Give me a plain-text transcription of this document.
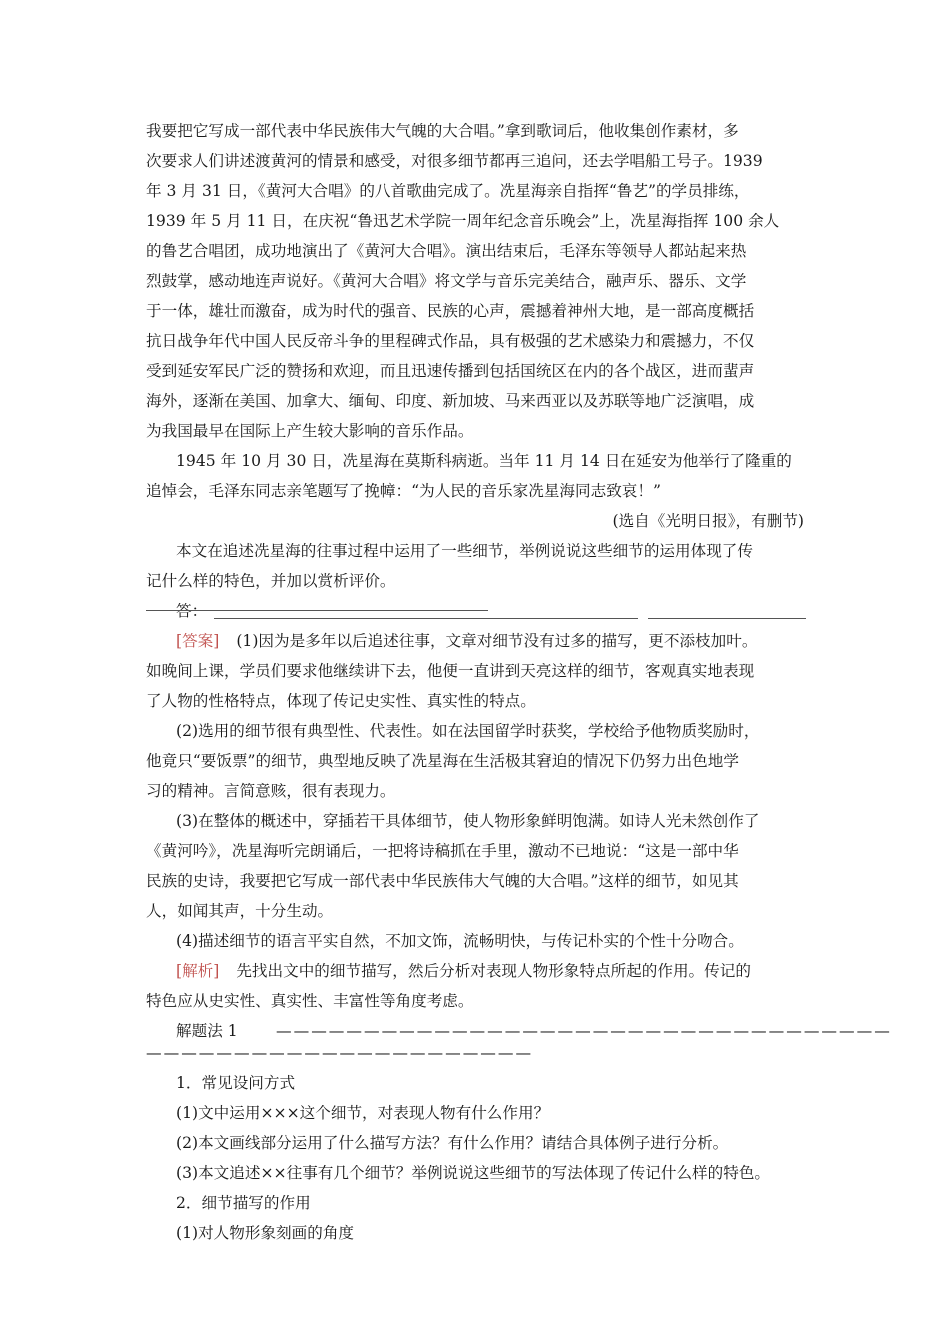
我要把它写成一部代表中华民族伟大气魄的大合唱。”拿到歌词后，他收集创作素材，多
次要求人们讲述渡黄河的情景和感受，对很多细节都再三追问，还去学唱船工号子。1939
年 3 月 31 日，《黄河大合唱》的八首歌曲完成了。冼星海亲自指挥“鲁艺”的学员排练，
1939 年 5 月 11 日，在庆祝“鲁迅艺术学院一周年纪念音乐晚会”上，冼星海指挥 100 余人
的鲁艺合唱团，成功地演出了《黄河大合唱》。演出结束后，毛泽东等领导人都站起来热
烈鼓掌，感动地连声说好。《黄河大合唱》将文学与音乐完美结合，融声乐、器乐、文学
于一体，雄壮而激奋，成为时代的强音、民族的心声，震撼着神州大地，是一部高度概括
抗日战争年代中国人民反帝斗争的里程碑式作品，具有极强的艺术感染力和震撼力，不仅
受到延安军民广泛的赞扬和欢迎，而且迅速传播到包括国统区在内的各个战区，进而蜚声
海外，逐渐在美国、加拿大、缅甸、印度、新加坡、马来西亚以及苏联等地广泛演唱，成
为我国最早在国际上产生较大影响的音乐作品。
1945 年 10 月 30 日，冼星海在莫斯科病逝。当年 11 月 14 日在延安为他举行了隆重的
追悼会，毛泽东同志亲笔题写了挽幛：“为人民的音乐家冼星海同志致哀！”
(选自《光明日报》，有删节)
本文在追述冼星海的往事过程中运用了一些细节，举例说说这些细节的运用体现了传
记什么样的特色，并加以赏析评价。
答：
[答案] (1)因为是多年以后追述往事，文章对细节没有过多的描写，更不添枝加叶。
如晚间上课，学员们要求他继续讲下去，他便一直讲到天亮这样的细节，客观真实地表现
了人物的性格特点，体现了传记史实性、真实性的特点。
(2)选用的细节很有典型性、代表性。如在法国留学时获奖，学校给予他物质奖励时，
他竟只“要饭票”的细节，典型地反映了冼星海在生活极其窘迫的情况下仍努力出色地学
习的精神。言简意赅，很有表现力。
(3)在整体的概述中，穿插若干具体细节，使人物形象鲜明饱满。如诗人光未然创作了
《黄河吟》，冼星海听完朗诵后，一把将诗稿抓在手里，激动不已地说：“这是一部中华
民族的史诗，我要把它写成一部代表中华民族伟大气魄的大合唱。”这样的细节，如见其
人，如闻其声，十分生动。
(4)描述细节的语言平实自然，不加文饰，流畅明快，与传记朴实的个性十分吻合。
[解析] 先找出文中的细节描写，然后分析对表现人物形象特点所起的作用。传记的
特色应从史实性、真实性、丰富性等角度考虑。
解题法 1 ———————————————————————————————————
——————————————————————
1．常见设问方式
(1)文中运用×××这个细节，对表现人物有什么作用？
(2)本文画线部分运用了什么描写方法？有什么作用？请结合具体例子进行分析。
(3)本文追述××往事有几个细节？举例说说这些细节的写法体现了传记什么样的特色。
2．细节描写的作用
(1)对人物形象刻画的角度
